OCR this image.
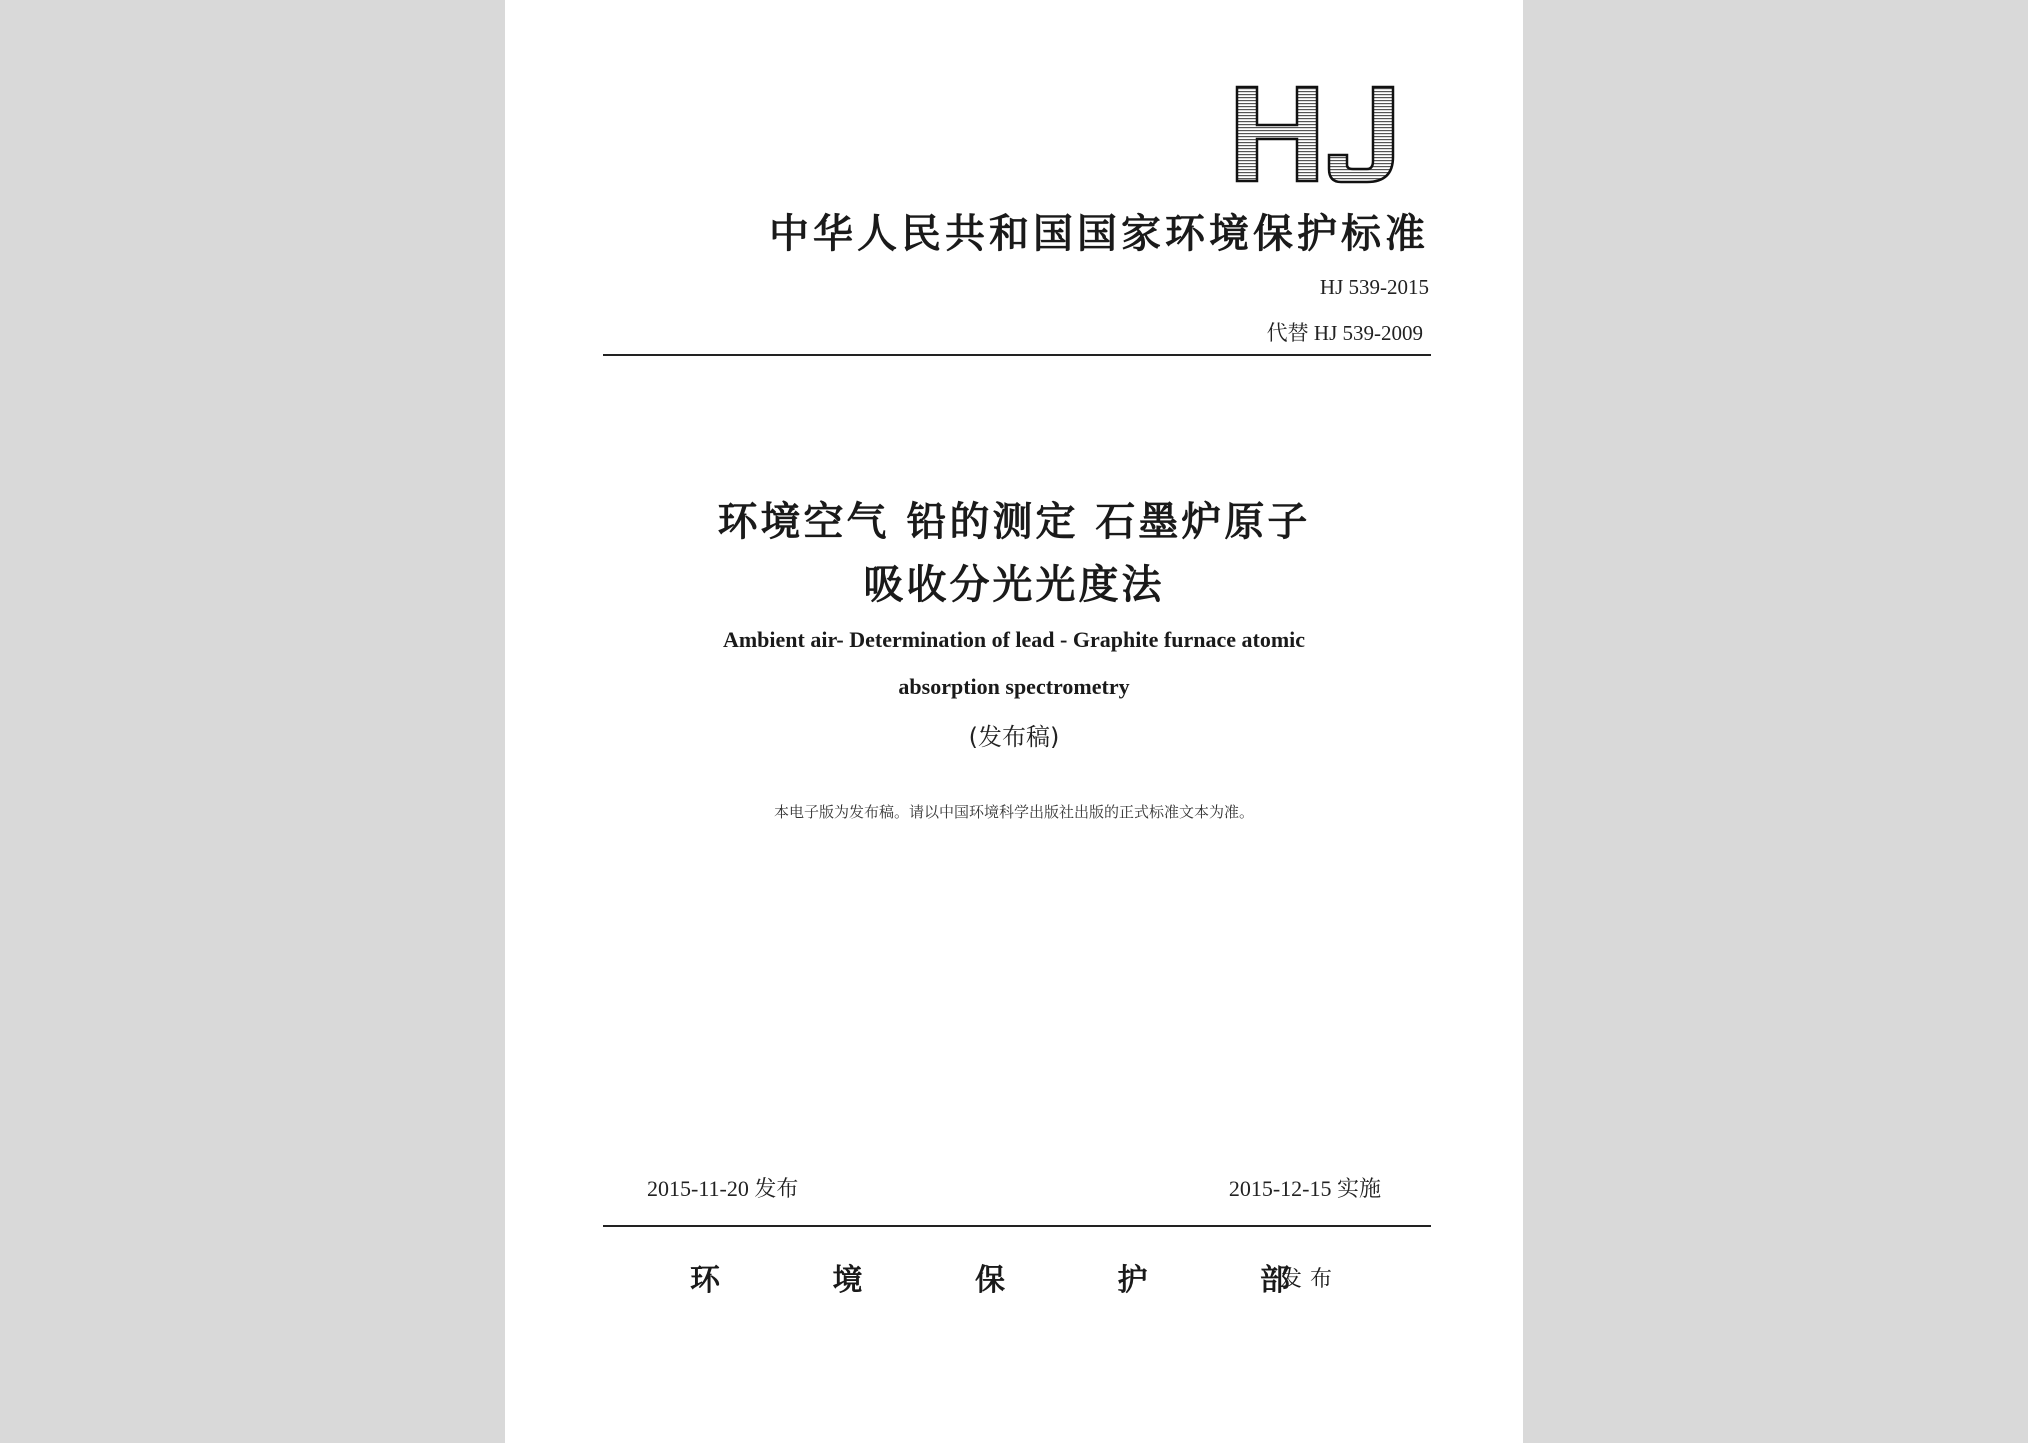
中华人民共和国国家环境保护标准
HJ 539-2015
代替 HJ 539-2009
环境空气 铅的测定 石墨炉原子
吸收分光光度法
Ambient air- Determination of lead - Graphite furnace atomic
absorption spectrometry
(发布稿)
本电子版为发布稿。请以中国环境科学出版社出版的正式标准文本为准。
2015-11-20 发布	2015-12-15 实施
环	境	保	护	部
发布
